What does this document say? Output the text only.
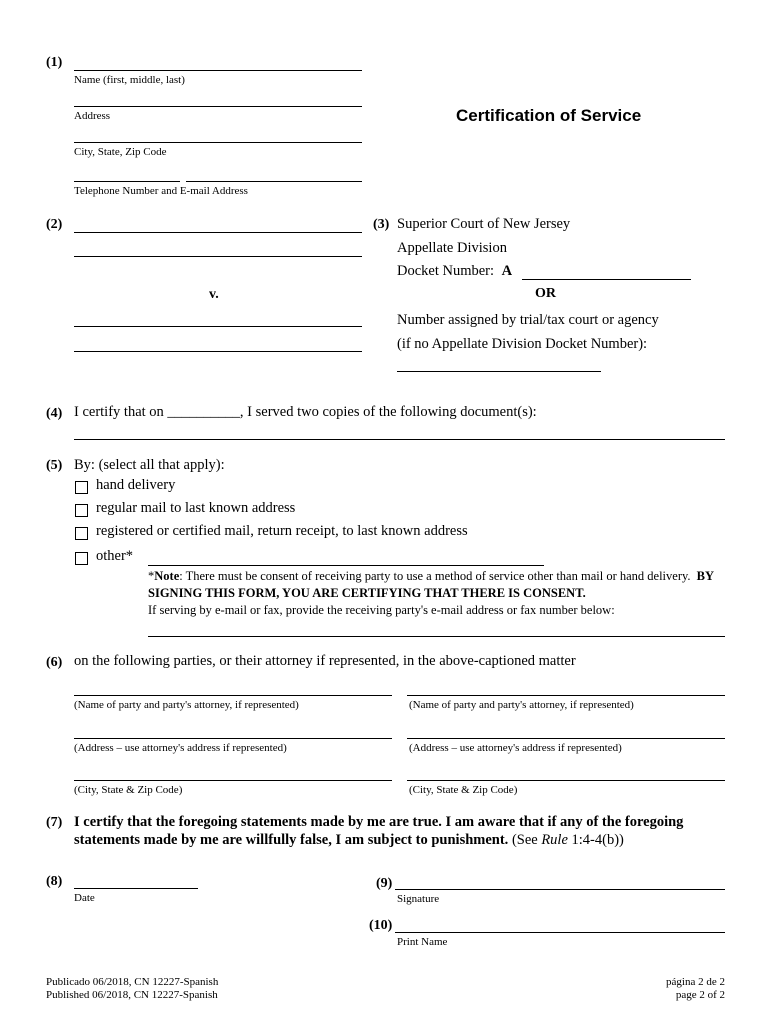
Certification of Service
(1)
Name (first, middle, last)
Address
City, State, Zip Code
Telephone Number and E-mail Address
(2)
v.
(3) Superior Court of New Jersey
Appellate Division
Docket Number: A
OR
Number assigned by trial/tax court or agency
(if no Appellate Division Docket Number):
(4) I certify that on __________, I served two copies of the following document(s):
(5) By: (select all that apply):
hand delivery
regular mail to last known address
registered or certified mail, return receipt, to last known address
other*
*Note: There must be consent of receiving party to use a method of service other than mail or hand delivery. BY SIGNING THIS FORM, YOU ARE CERTIFYING THAT THERE IS CONSENT.
If serving by e-mail or fax, provide the receiving party's e-mail address or fax number below:
(6) on the following parties, or their attorney if represented, in the above-captioned matter
(Name of party and party's attorney, if represented)	(Name of party and party's attorney, if represented)
(Address – use attorney's address if represented)	(Address – use attorney's address if represented)
(City, State & Zip Code)	(City, State & Zip Code)
(7) I certify that the foregoing statements made by me are true. I am aware that if any of the foregoing statements made by me are willfully false, I am subject to punishment. (See Rule 1:4-4(b))
(8)
Date
(9)
Signature
(10)
Print Name
Publicado 06/2018, CN 12227-Spanish
Published 06/2018, CN 12227-Spanish
página 2 de 2
page 2 of 2
